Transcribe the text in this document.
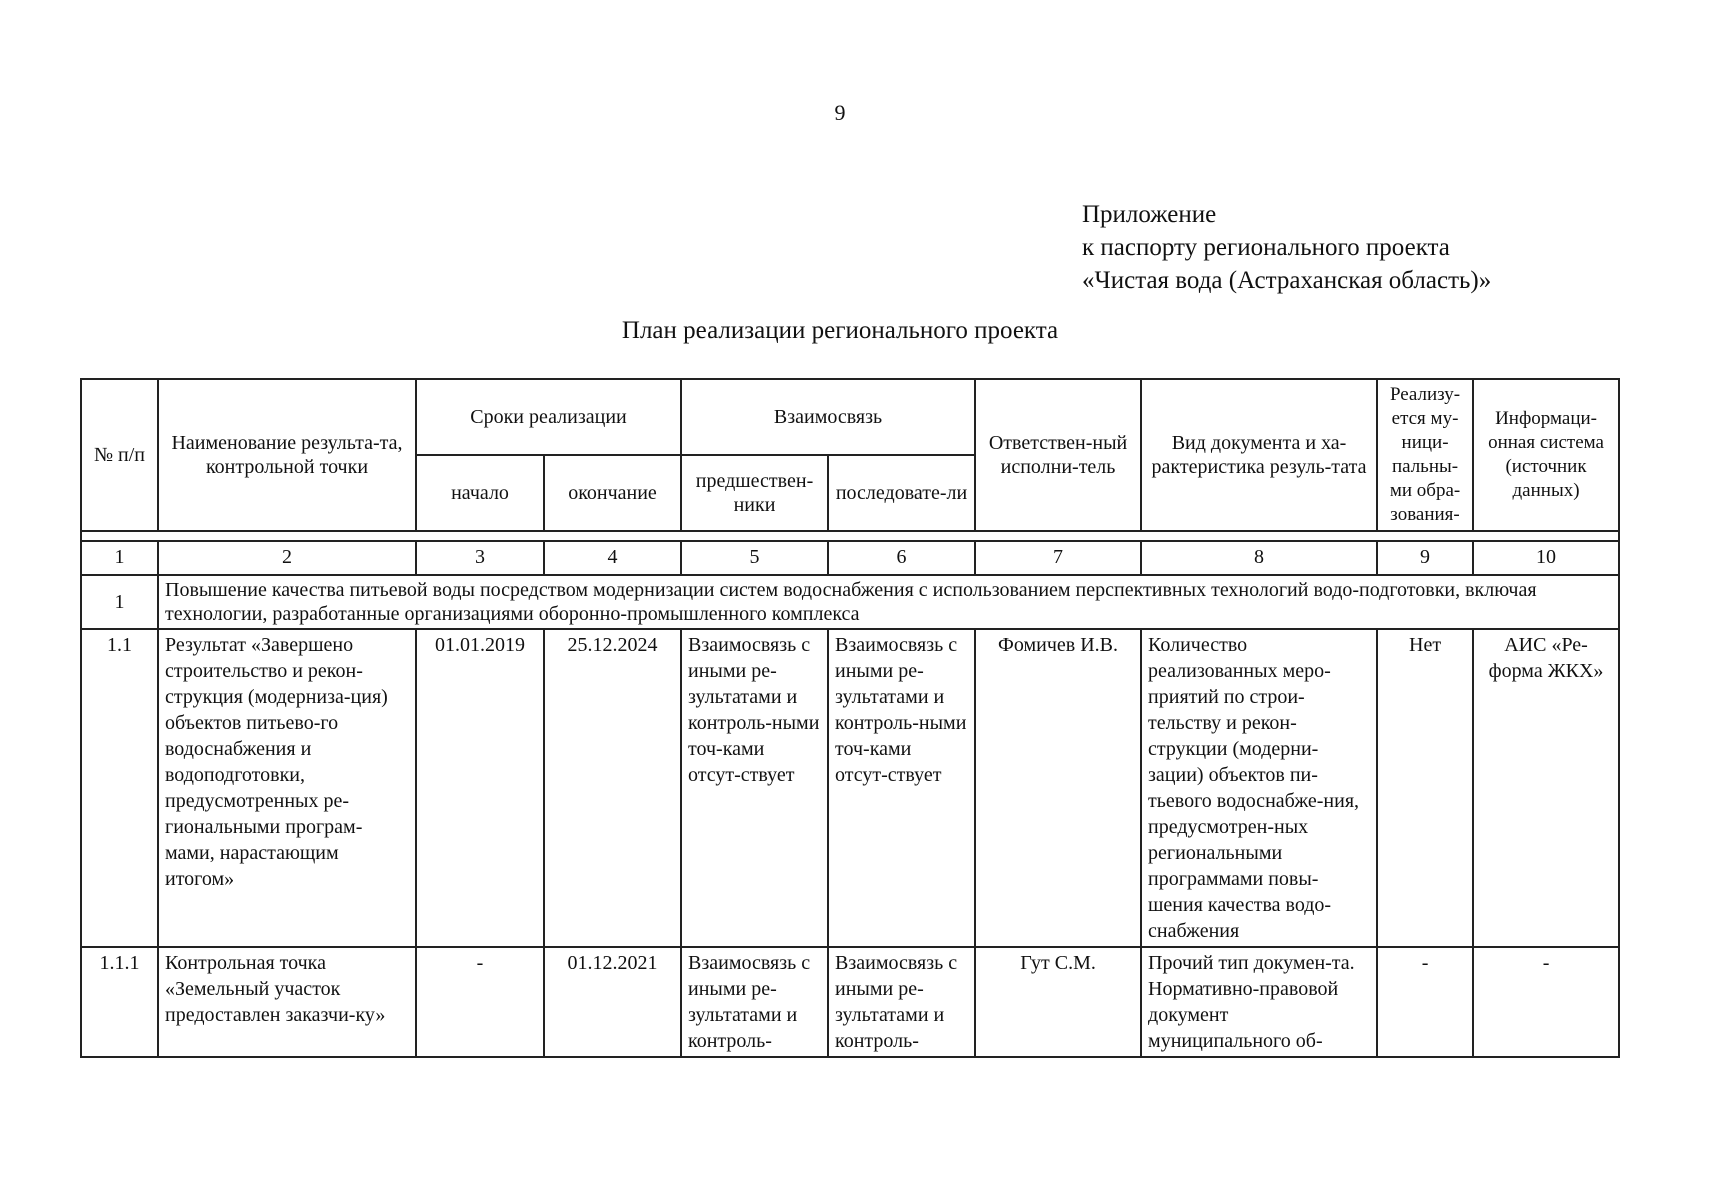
9
Приложение
к паспорту регионального проекта
«Чистая вода (Астраханская область)»
План реализации регионального проекта
№ п/п	Наименование результа-та, контрольной точки	Сроки реализации		Взаимосвязь		Ответствен-ный исполни-тель	Вид документа и ха-рактеристика резуль-тата	Реализу-ется му-ници-пальны-ми обра-зования-	Информаци-онная система (источник данных)
		начало	окончание	предшествен-ники	последовате-ли				

1	2	3	4	5	6	7	8	9	10
1	Повышение качества питьевой воды посредством модернизации систем водоснабжения с использованием перспективных технологий водо-подготовки, включая технологии, разработанные организациями оборонно-промышленного комплекса								
1.1	Результат «Завершено строительство и рекон-струкция (модерниза-ция) объектов питьево-го водоснабжения и водоподготовки, предусмотренных ре-гиональными програм-мами, нарастающим итогом»	01.01.2019	25.12.2024	Взаимосвязь с иными ре-зультатами и контроль-ными точ-ками отсут-ствует	Взаимосвязь с иными ре-зультатами и контроль-ными точ-ками отсут-ствует	Фомичев И.В.	Количество реализованных меро-приятий по строи-тельству и рекон-струкции (модерни-зации) объектов пи-тьевого водоснабже-ния, предусмотрен-ных региональными программами повы-шения качества водо-снабжения	Нет	АИС «Ре-форма ЖКХ»
1.1.1	Контрольная точка «Земельный участок предоставлен заказчи-ку»	-	01.12.2021	Взаимосвязь с иными ре-зультатами и контроль-	Взаимосвязь с иными ре-зультатами и контроль-	Гут С.М.	Прочий тип докумен-та. Нормативно-правовой документ муниципального об-	-	-
